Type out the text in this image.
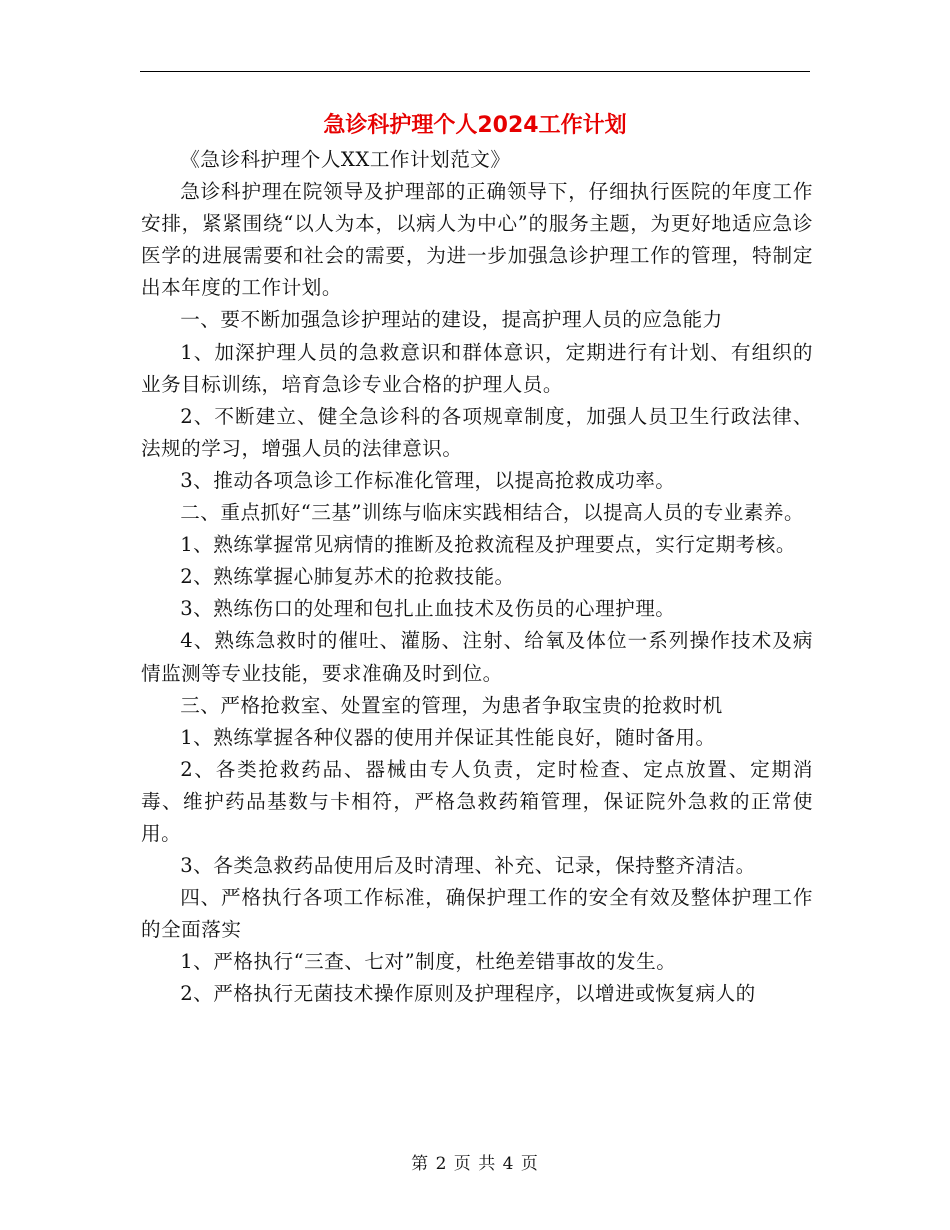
急诊科护理个人2024工作计划

《急诊科护理个人XX工作计划范文》

急诊科护理在院领导及护理部的正确领导下，仔细执行医院的年度工作安排，紧紧围绕“以人为本，以病人为中心”的服务主题，为更好地适应急诊医学的进展需要和社会的需要，为进一步加强急诊护理工作的管理，特制定出本年度的工作计划。

一、要不断加强急诊护理站的建设，提高护理人员的应急能力

1、加深护理人员的急救意识和群体意识，定期进行有计划、有组织的业务目标训练，培育急诊专业合格的护理人员。

2、不断建立、健全急诊科的各项规章制度，加强人员卫生行政法律、法规的学习，增强人员的法律意识。

3、推动各项急诊工作标准化管理，以提高抢救成功率。

二、重点抓好“三基”训练与临床实践相结合，以提高人员的专业素养。

1、熟练掌握常见病情的推断及抢救流程及护理要点，实行定期考核。

2、熟练掌握心肺复苏术的抢救技能。

3、熟练伤口的处理和包扎止血技术及伤员的心理护理。

4、熟练急救时的催吐、灌肠、注射、给氧及体位一系列操作技术及病情监测等专业技能，要求准确及时到位。

三、严格抢救室、处置室的管理，为患者争取宝贵的抢救时机

1、熟练掌握各种仪器的使用并保证其性能良好，随时备用。

2、各类抢救药品、器械由专人负责，定时检查、定点放置、定期消毒、维护药品基数与卡相符，严格急救药箱管理，保证院外急救的正常使用。

3、各类急救药品使用后及时清理、补充、记录，保持整齐清洁。

四、严格执行各项工作标准，确保护理工作的安全有效及整体护理工作的全面落实

1、严格执行“三查、七对”制度，杜绝差错事故的发生。

2、严格执行无菌技术操作原则及护理程序，以增进或恢复病人的

第 2 页 共 4 页
